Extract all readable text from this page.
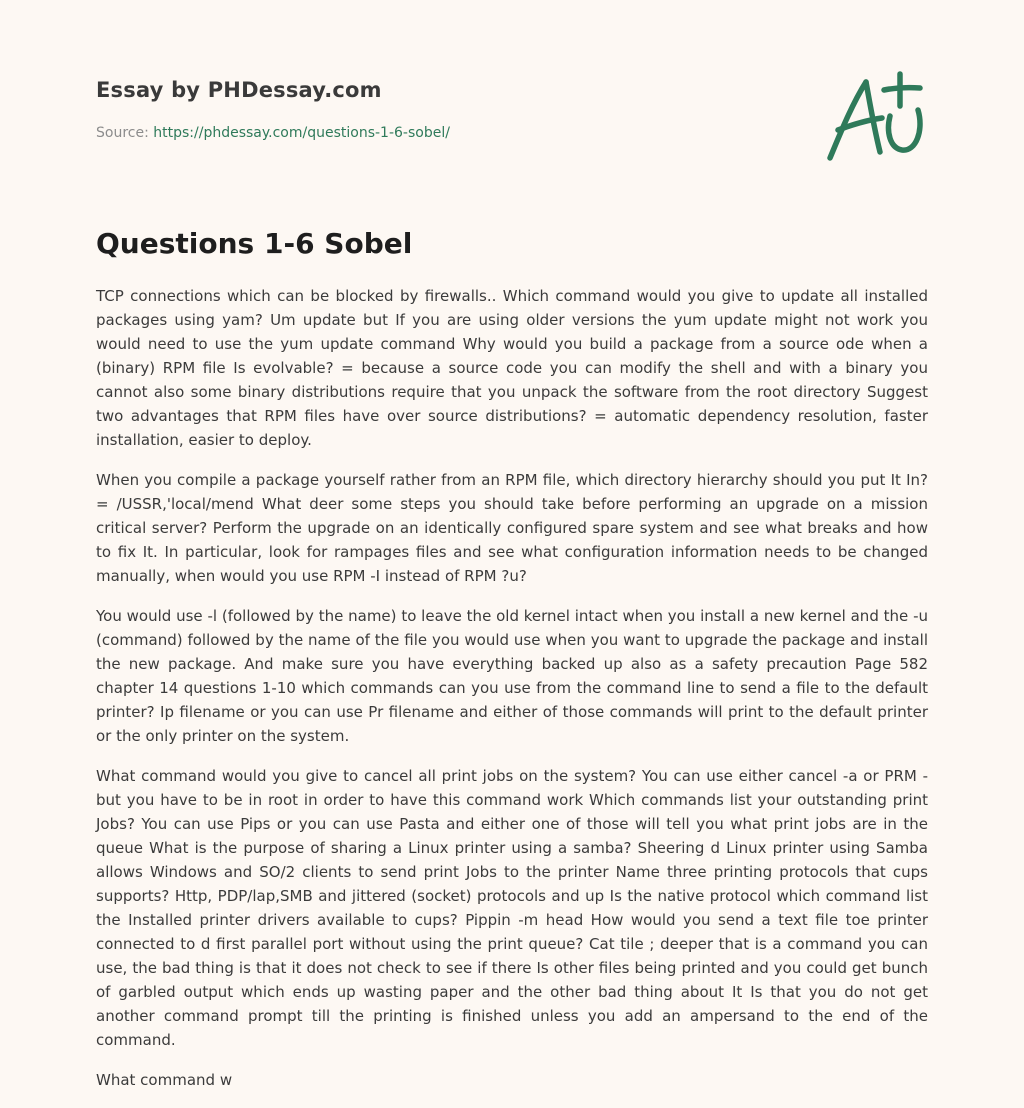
Essay by PHDessay.com
Source: https://phdessay.com/questions-1-6-sobel/
Questions 1-6 Sobel

TCP connections which can be blocked by firewalls.. Which command would you give to update all installed packages using yam? Um update but If you are using older versions the yum update might not work you would need to use the yum update command Why would you build a package from a source ode when a (binary) RPM file Is evolvable? = because a source code you can modify the shell and with a binary you cannot also some binary distributions require that you unpack the software from the root directory Suggest two advantages that RPM files have over source distributions? = automatic dependency resolution, faster installation, easier to deploy.

When you compile a package yourself rather from an RPM file, which directory hierarchy should you put It In? = /USSR,'local/mend What deer some steps you should take before performing an upgrade on a mission critical server? Perform the upgrade on an identically configured spare system and see what breaks and how to fix It. In particular, look for rampages files and see what configuration information needs to be changed manually, when would you use RPM -I instead of RPM ?u?

You would use -l (followed by the name) to leave the old kernel intact when you install a new kernel and the -u (command) followed by the name of the file you would use when you want to upgrade the package and install the new package. And make sure you have everything backed up also as a safety precaution Page 582 chapter 14 questions 1-10 which commands can you use from the command line to send a file to the default printer? Ip filename or you can use Pr filename and either of those commands will print to the default printer or the only printer on the system.

What command would you give to cancel all print jobs on the system? You can use either cancel -a or PRM - but you have to be in root in order to have this command work Which commands list your outstanding print Jobs? You can use Pips or you can use Pasta and either one of those will tell you what print jobs are in the queue What is the purpose of sharing a Linux printer using a samba? Sheering d Linux printer using Samba allows Windows and SO/2 clients to send print Jobs to the printer Name three printing protocols that cups supports? Http, PDP/lap,SMB and jittered (socket) protocols and up Is the native protocol which command list the Installed printer drivers available to cups? Pippin -m head How would you send a text file toe printer connected to d first parallel port without using the print queue? Cat tile ; deeper that is a command you can use, the bad thing is that it does not check to see if there Is other files being printed and you could get bunch of garbled output which ends up wasting paper and the other bad thing about It Is that you do not get another command prompt till the printing is finished unless you add an ampersand to the end of the command.

What command w
